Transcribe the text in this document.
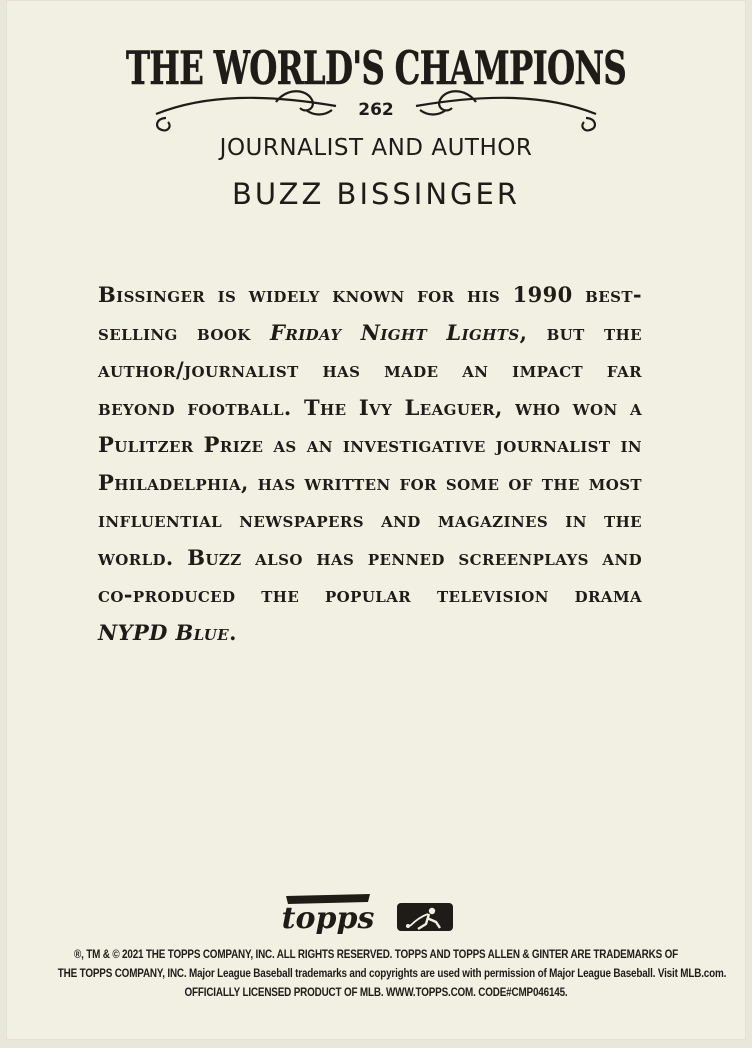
THE WORLD'S CHAMPIONS
262
JOURNALIST AND AUTHOR
BUZZ BISSINGER
Bissinger is widely known for his 1990 best-selling book Friday Night Lights, but the author/journalist has made an impact far beyond football. The Ivy Leaguer, who won a Pulitzer Prize as an investigative journalist in Philadelphia, has written for some of the most influential newspapers and magazines in the world. Buzz also has penned screenplays and co-produced the popular television drama NYPD Blue.
topps
®, TM & © 2021 THE TOPPS COMPANY, INC. ALL RIGHTS RESERVED. TOPPS AND TOPPS ALLEN & GINTER ARE TRADEMARKS OF
THE TOPPS COMPANY, INC. Major League Baseball trademarks and copyrights are used with permission of Major League Baseball. Visit MLB.com.
OFFICIALLY LICENSED PRODUCT OF MLB. WWW.TOPPS.COM. CODE#CMP046145.
